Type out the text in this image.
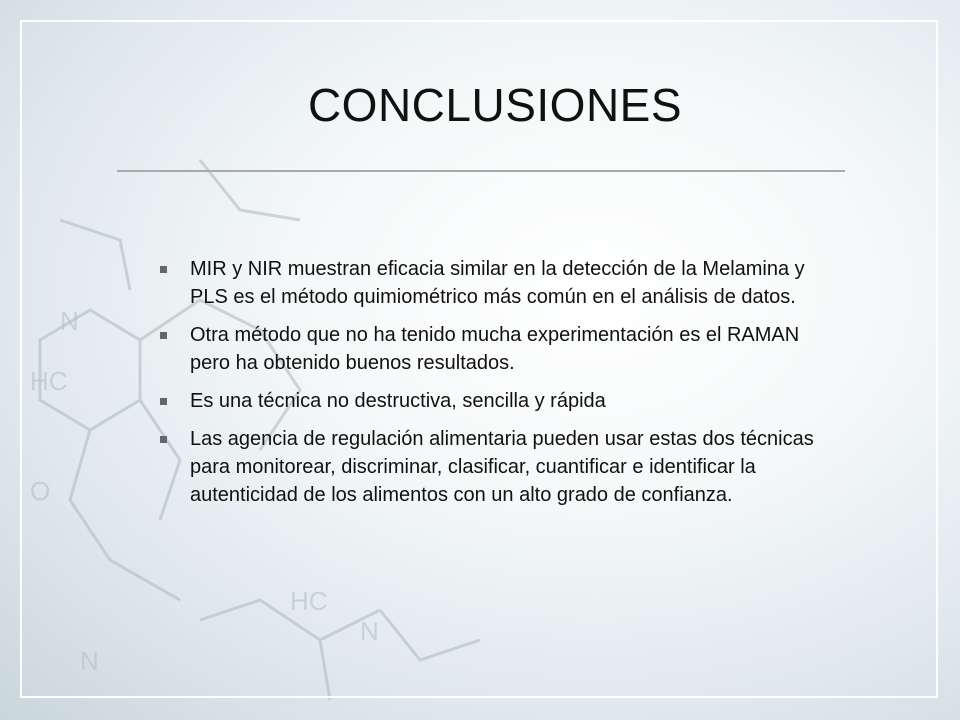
HC
N
O
HC
N
N
CONCLUSIONES
MIR y NIR muestran eficacia similar en la detección de la Melamina y PLS es el método quimiométrico más común en el análisis de datos.
Otra método que no ha tenido mucha experimentación es el RAMAN pero ha obtenido buenos resultados.
Es una técnica no destructiva, sencilla y rápida
Las agencia de regulación alimentaria pueden usar estas dos técnicas para monitorear, discriminar, clasificar, cuantificar e identificar la autenticidad de los alimentos con un alto grado de confianza.
